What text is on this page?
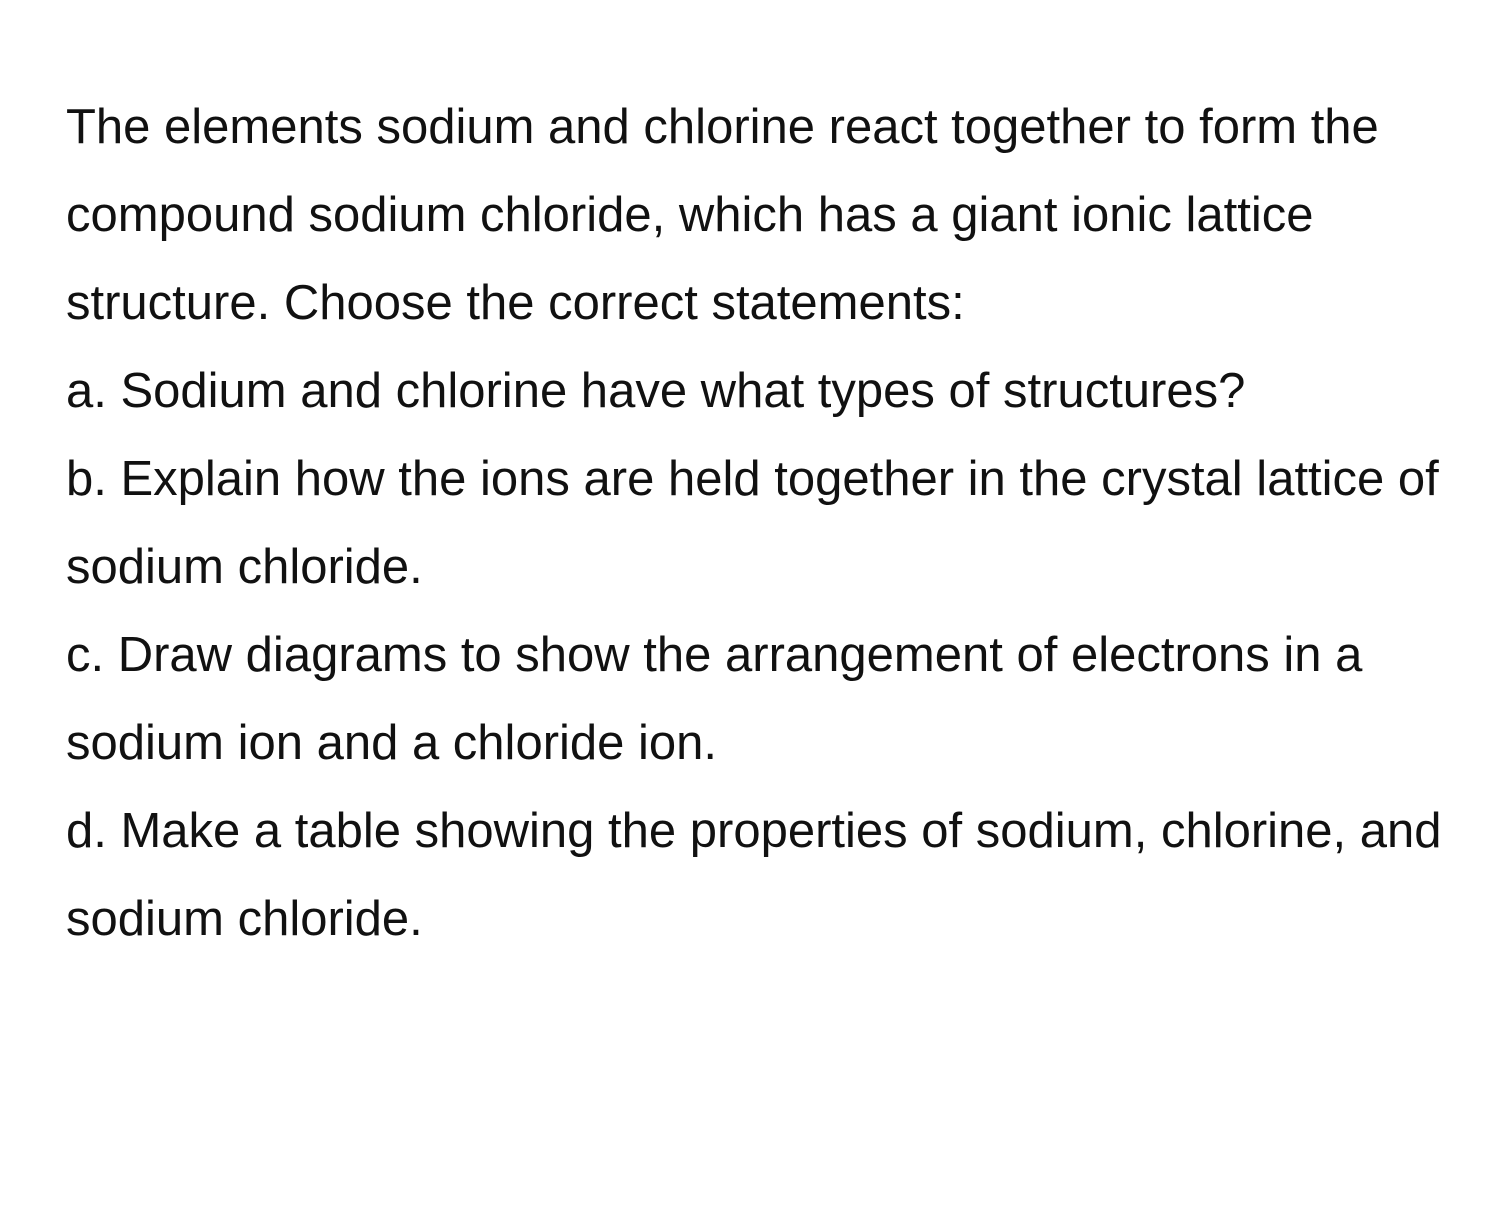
The elements sodium and chlorine react together to form the compound sodium chloride, which has a giant ionic lattice structure. Choose the correct statements:

a. Sodium and chlorine have what types of structures?

b. Explain how the ions are held together in the crystal lattice of sodium chloride.

c. Draw diagrams to show the arrangement of electrons in a sodium ion and a chloride ion.

d. Make a table showing the properties of sodium, chlorine, and sodium chloride.
